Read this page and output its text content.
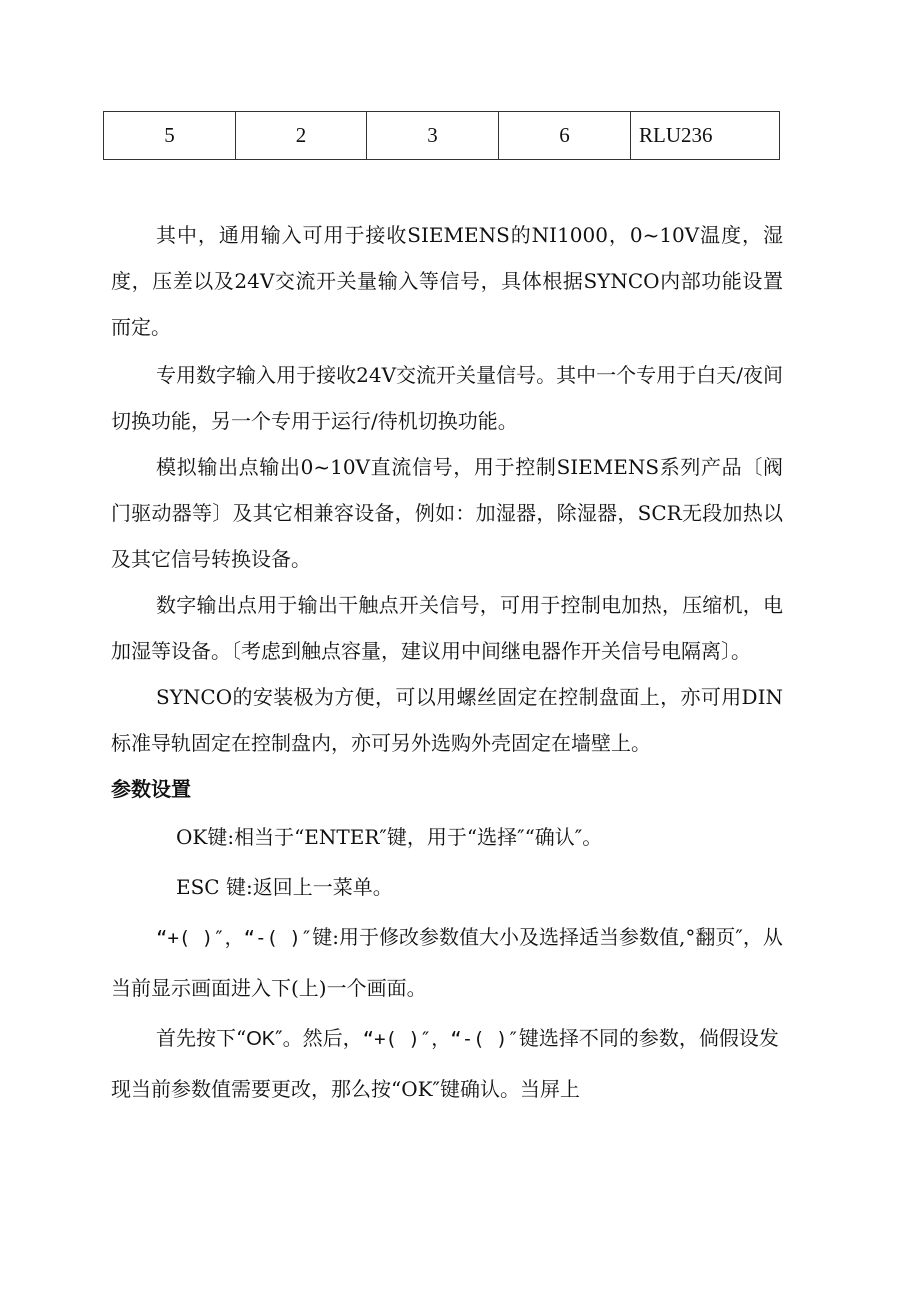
5	2	3	6	RLU236

其中，通用输入可用于接收SIEMENS的NI1000，0~10V温度，湿度，压差以及24V交流开关量输入等信号，具体根据SYNCO内部功能设置而定。

专用数字输入用于接收24V交流开关量信号。其中一个专用于白天/夜间切换功能，另一个专用于运行/待机切换功能。

模拟输出点输出0~10V直流信号，用于控制SIEMENS系列产品〔阀门驱动器等〕及其它相兼容设备，例如：加湿器，除湿器，SCR无段加热以及其它信号转换设备。

数字输出点用于输出干触点开关信号，可用于控制电加热，压缩机，电加湿等设备。〔考虑到触点容量，建议用中间继电器作开关信号电隔离〕。

SYNCO的安装极为方便，可以用螺丝固定在控制盘面上，亦可用DIN标准导轨固定在控制盘内，亦可另外选购外壳固定在墙壁上。

参数设置

OK键:相当于“ENTER″键，用于“选择″“确认″。

ESC 键:返回上一菜单。

“+( )″，“-( )″键:用于修改参数值大小及选择适当参数值,°翻页″，从当前显示画面进入下(上)一个画面。

首先按下“OK″。然后，“+( )″，“-( )″键选择不同的参数，倘假设发现当前参数值需要更改，那么按“OK″键确认。当屏上
